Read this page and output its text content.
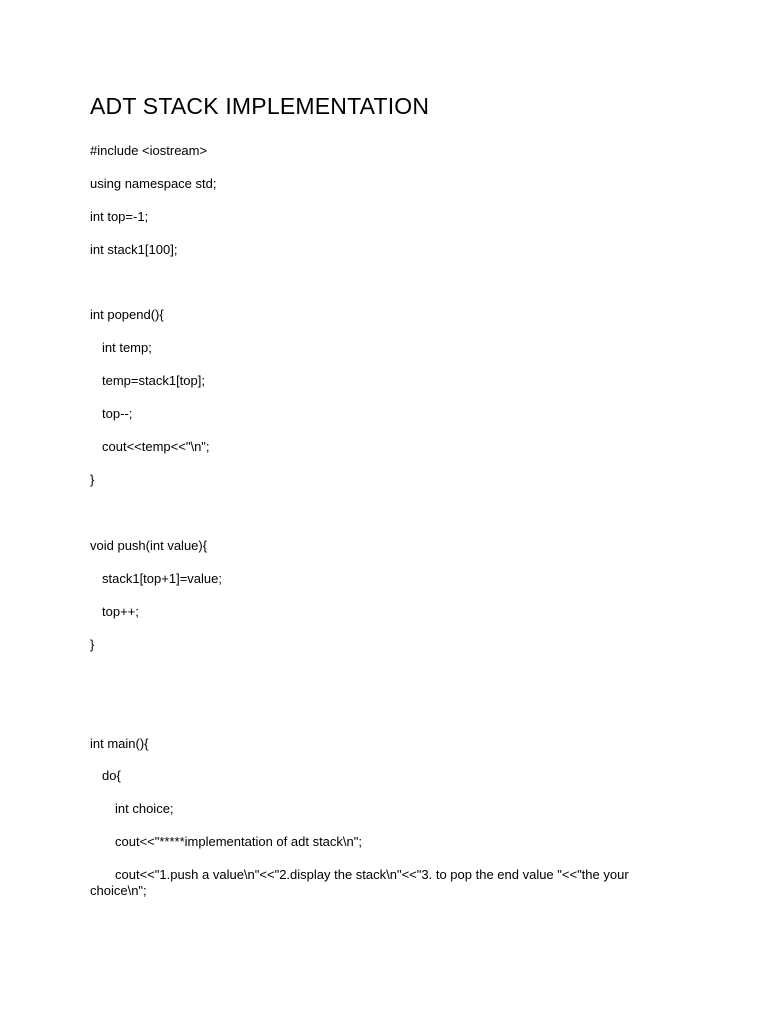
ADT STACK IMPLEMENTATION
#include <iostream>
using namespace std;
int top=-1;
int stack1[100];
int popend(){
int temp;
temp=stack1[top];
top--;
cout<<temp<<"\n";
}
void push(int value){
stack1[top+1]=value;
top++;
}
int main(){
do{
int choice;
cout<<"*****implementation of adt stack\n";
cout<<"1.push a value\n"<<"2.display the stack\n"<<"3. to pop the end value "<<"the your choice\n";
